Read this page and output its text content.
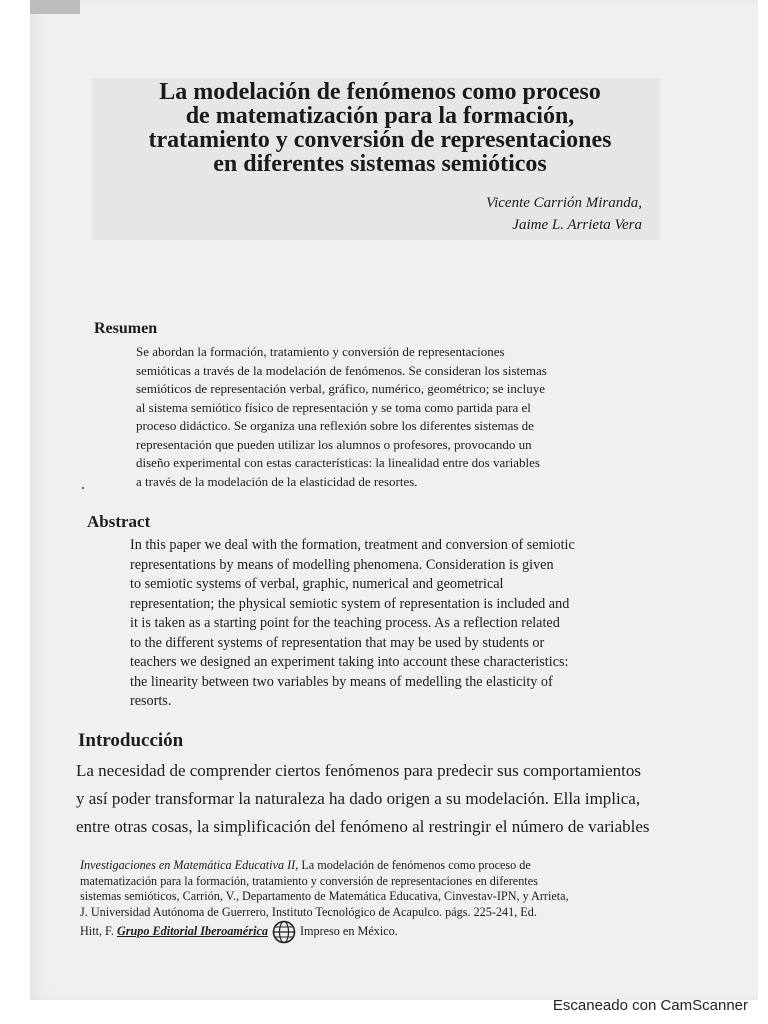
La modelación de fenómenos como proceso
de matematización para la formación,
tratamiento y conversión de representaciones
en diferentes sistemas semióticos
Vicente Carrión Miranda,
Jaime L. Arrieta Vera
Resumen

Se abordan la formación, tratamiento y conversión de representaciones
semióticas a través de la modelación de fenómenos. Se consideran los sistemas
semióticos de representación verbal, gráfico, numérico, geométrico; se incluye
al sistema semiótico físico de representación y se toma como partida para el
proceso didáctico. Se organiza una reflexión sobre los diferentes sistemas de
representación que pueden utilizar los alumnos o profesores, provocando un
diseño experimental con estas características: la linealidad entre dos variables
a través de la modelación de la elasticidad de resortes.

Abstract

In this paper we deal with the formation, treatment and conversion of semiotic
representations by means of modelling phenomena. Consideration is given
to semiotic systems of verbal, graphic, numerical and geometrical
representation; the physical semiotic system of representation is included and
it is taken as a starting point for the teaching process. As a reflection related
to the different systems of representation that may be used by students or
teachers we designed an experiment taking into account these characteristics:
the linearity between two variables by means of medelling the elasticity of
resorts.

Introducción

La necesidad de comprender ciertos fenómenos para predecir sus comportamientos
y así poder transformar la naturaleza ha dado origen a su modelación. Ella implica,
entre otras cosas, la simplificación del fenómeno al restringir el número de variables

Investigaciones en Matemática Educativa II, La modelación de fenómenos como proceso de
matematización para la formación, tratamiento y conversión de representaciones en diferentes
sistemas semióticos, Carrión, V., Departamento de Matemática Educativa, Cinvestav-IPN, y Arrieta,
J. Universidad Autónoma de Guerrero, Instituto Tecnológico de Acapulco. págs. 225-241, Ed.
Hitt, F. Grupo Editorial Iberoamérica	Impreso en México.

Escaneado con CamScanner
